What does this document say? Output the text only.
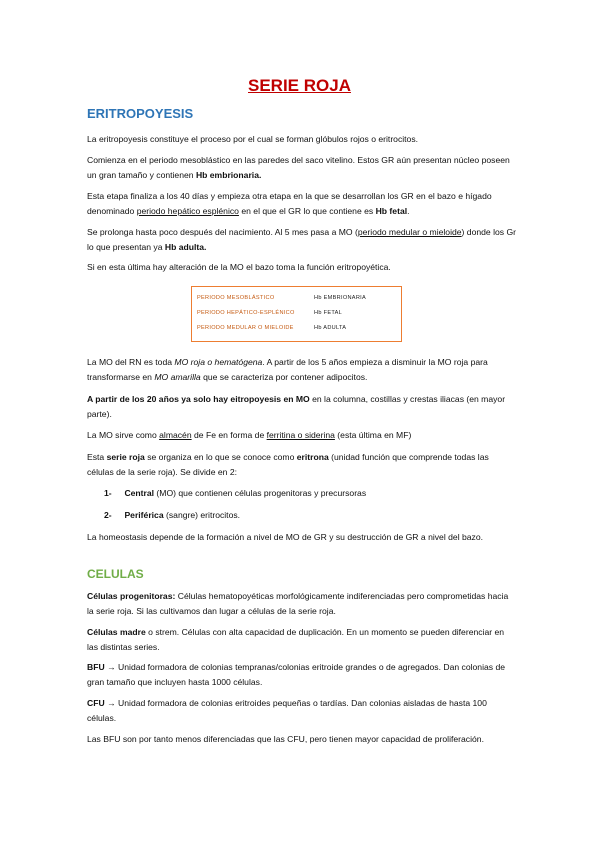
SERIE ROJA
ERITROPOYESIS
La eritropoyesis constituye el proceso por el cual se forman glóbulos rojos o eritrocitos.
Comienza en el periodo mesoblástico en las paredes del saco vitelino. Estos GR aún presentan núcleo poseen un gran tamaño y contienen Hb embrionaria.
Esta etapa finaliza a los 40 días y empieza otra etapa en la que se desarrollan los GR en el bazo e hígado denominado periodo hepático esplénico en el que el GR lo que contiene es Hb fetal.
Se prolonga hasta poco después del nacimiento. Al 5 mes pasa a MO (periodo medular o mieloide) donde los Gr lo que presentan ya Hb adulta.
Si en esta última hay alteración de la MO el bazo toma la función eritropoyética.
PERIODO MESOBLÁSTICO	Hb EMBRIONARIA
PERIODO HEPÁTICO-ESPLÉNICO	Hb FETAL
PERIODO MEDULAR O MIELOIDE	Hb ADULTA
La MO del RN es toda MO roja o hematógena. A partir de los 5 años empieza a disminuir la MO roja para transformarse en MO amarilla que se caracteriza por contener adipocitos.
A partir de los 20 años ya solo hay eitropoyesis en MO en la columna, costillas y crestas iliacas (en mayor parte).
La MO sirve como almacén de Fe en forma de ferritina o siderina (esta última en MF)
Esta serie roja se organiza en lo que se conoce como eritrona (unidad función que comprende todas las células de la serie roja). Se divide en 2:
1- Central (MO) que contienen células progenitoras y precursoras
2- Periférica (sangre) eritrocitos.
La homeostasis depende de la formación a nivel de MO de GR y su destrucción de GR a nivel del bazo.
CELULAS
Células progenitoras: Células hematopoyéticas morfológicamente indiferenciadas pero comprometidas hacia la serie roja. Si las cultivamos dan lugar a células de la serie roja.
Células madre o strem. Células con alta capacidad de duplicación. En un momento se pueden diferenciar en las distintas series.
BFU → Unidad formadora de colonias tempranas/colonias eritroide grandes o de agregados. Dan colonias de gran tamaño que incluyen hasta 1000 células.
CFU → Unidad formadora de colonias eritroides pequeñas o tardías. Dan colonias aisladas de hasta 100 células.
Las BFU son por tanto menos diferenciadas que las CFU, pero tienen mayor capacidad de proliferación.
